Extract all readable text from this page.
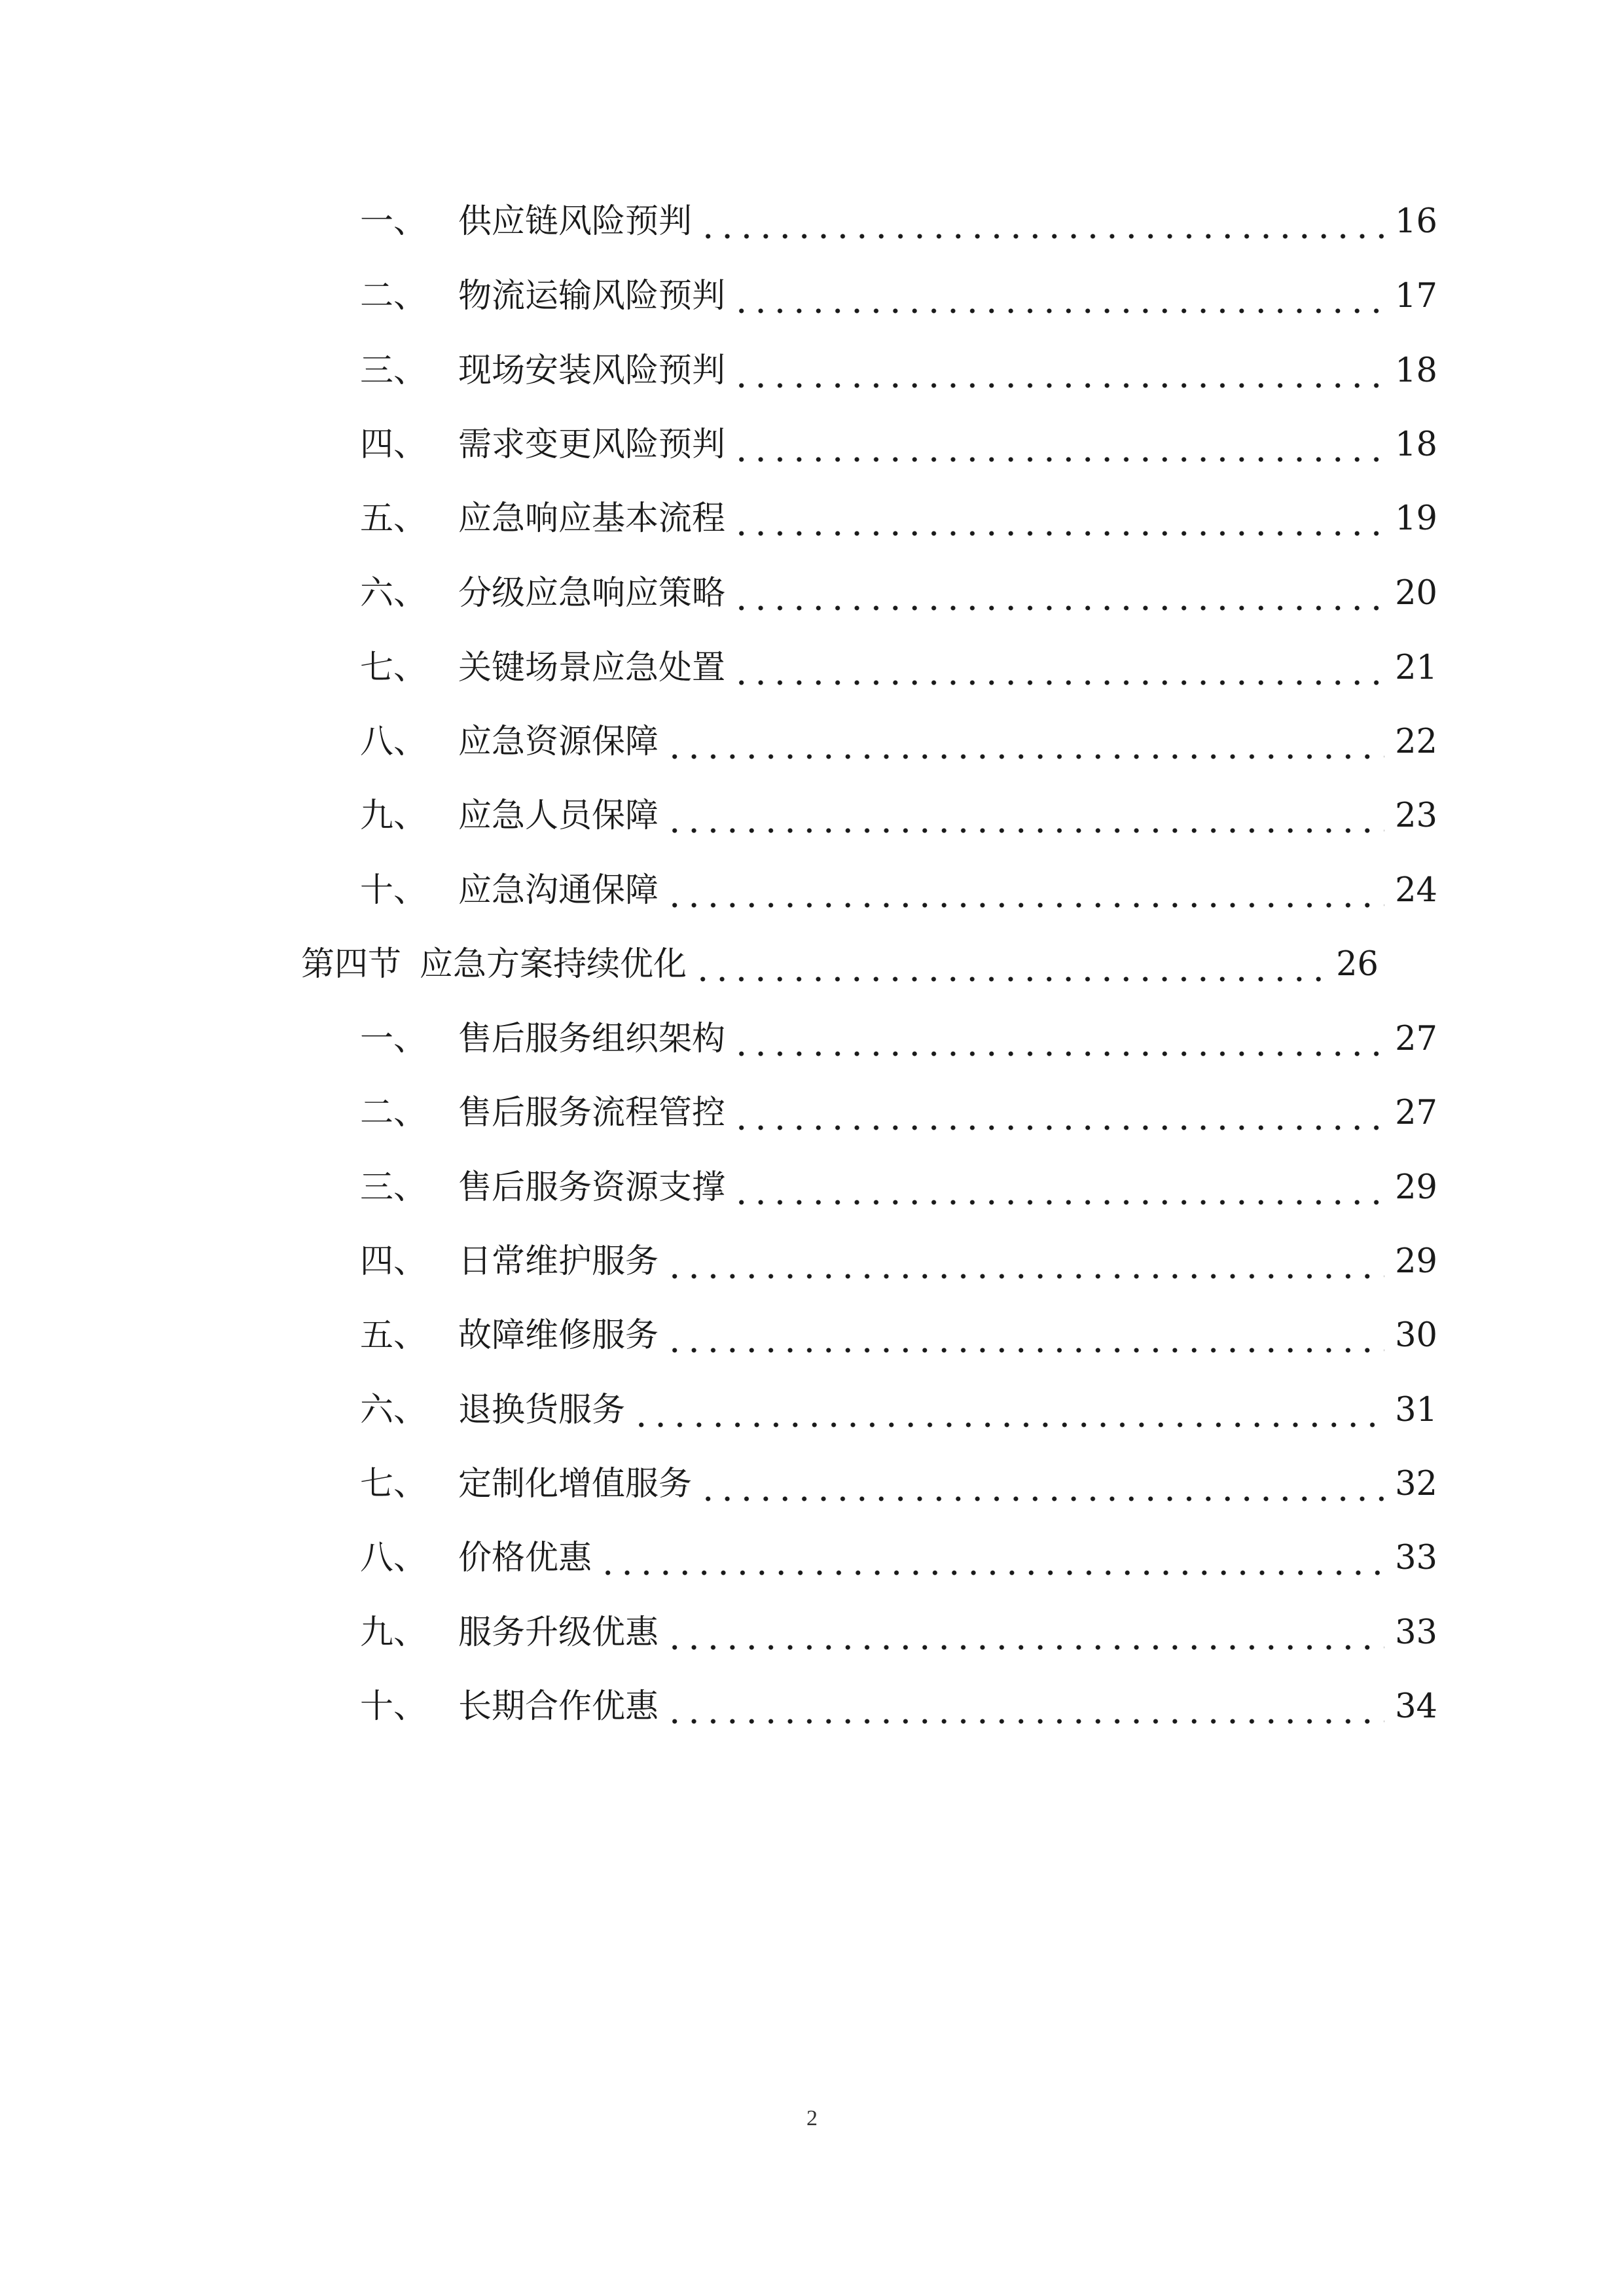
一、 供应链风险预判	16
二、 物流运输风险预判	17
三、 现场安装风险预判	18
四、 需求变更风险预判	18
五、 应急响应基本流程	19
六、 分级应急响应策略	20
七、 关键场景应急处置	21
八、 应急资源保障	22
九、 应急人员保障	23
十、 应急沟通保障	24
第四节 应急方案持续优化	26
一、 售后服务组织架构	27
二、 售后服务流程管控	27
三、 售后服务资源支撑	29
四、 日常维护服务	29
五、 故障维修服务	30
六、 退换货服务	31
七、 定制化增值服务	32
八、 价格优惠	33
九、 服务升级优惠	33
十、 长期合作优惠	34
2
